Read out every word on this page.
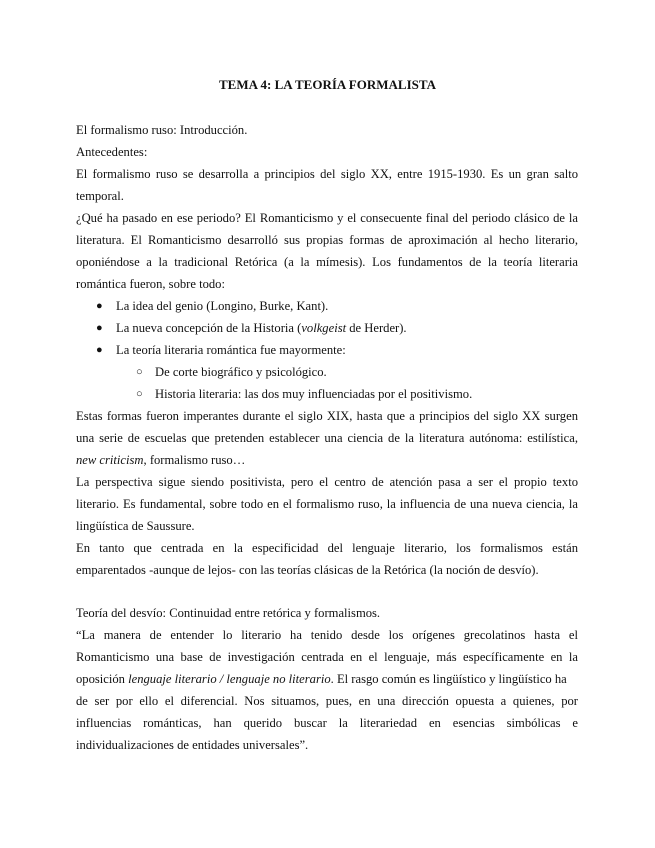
TEMA 4: LA TEORÍA FORMALISTA
El formalismo ruso: Introducción.
Antecedentes:
El formalismo ruso se desarrolla a principios del siglo XX, entre 1915-1930. Es un gran salto
temporal.
¿Qué ha pasado en ese periodo? El Romanticismo y el consecuente final del periodo clásico de la
literatura. El Romanticismo desarrolló sus propias formas de aproximación al hecho literario,
oponiéndose a la tradicional Retórica (a la mímesis). Los fundamentos de la teoría literaria
romántica fueron, sobre todo:
● La idea del genio (Longino, Burke, Kant).
● La nueva concepción de la Historia (volkgeist de Herder).
● La teoría literaria romántica fue mayormente:
○ De corte biográfico y psicológico.
○ Historia literaria: las dos muy influenciadas por el positivismo.
Estas formas fueron imperantes durante el siglo XIX, hasta que a principios del siglo XX surgen
una serie de escuelas que pretenden establecer una ciencia de la literatura autónoma: estilística,
new criticism, formalismo ruso…
La perspectiva sigue siendo positivista, pero el centro de atención pasa a ser el propio texto
literario. Es fundamental, sobre todo en el formalismo ruso, la influencia de una nueva ciencia, la
lingüística de Saussure.
En tanto que centrada en la especificidad del lenguaje literario, los formalismos están
emparentados -aunque de lejos- con las teorías clásicas de la Retórica (la noción de desvío).
Teoría del desvío: Continuidad entre retórica y formalismos.
“La manera de entender lo literario ha tenido desde los orígenes grecolatinos hasta el
Romanticismo una base de investigación centrada en el lenguaje, más específicamente en la
oposición lenguaje literario / lenguaje no literario. El rasgo común es lingüístico y lingüístico ha
de ser por ello el diferencial. Nos situamos, pues, en una dirección opuesta a quienes, por
influencias románticas, han querido buscar la literariedad en esencias simbólicas e
individualizaciones de entidades universales”.
